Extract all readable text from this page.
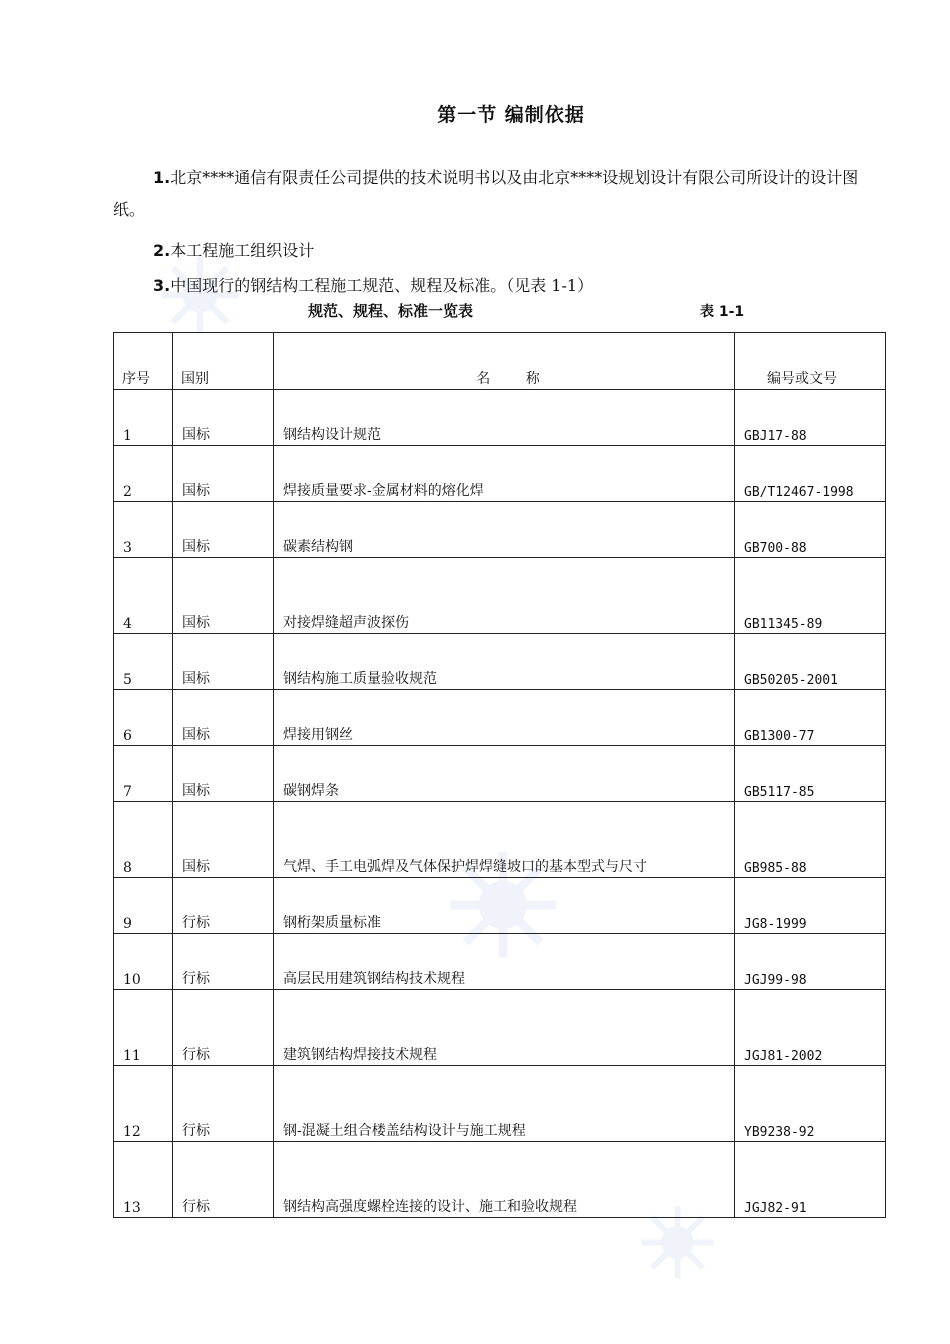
第一节 编制依据
1.北京****通信有限责任公司提供的技术说明书以及由北京****设规划设计有限公司所设计的设计图纸。
2.本工程施工组织设计
3.中国现行的钢结构工程施工规范、规程及标准。（见表 1-1）
规范、规程、标准一览表	表 1-1
序号	国别	名        称	编号或文号
1	国标	钢结构设计规范	GBJ17-88
2	国标	焊接质量要求-金属材料的熔化焊	GB/T12467-1998
3	国标	碳素结构钢	GB700-88
4	国标	对接焊缝超声波探伤	GB11345-89
5	国标	钢结构施工质量验收规范	GB50205-2001
6	国标	焊接用钢丝	GB1300-77
7	国标	碳钢焊条	GB5117-85
8	国标	气焊、手工电弧焊及气体保护焊焊缝坡口的基本型式与尺寸	GB985-88
9	行标	钢桁架质量标准	JG8-1999
10	行标	高层民用建筑钢结构技术规程	JGJ99-98
11	行标	建筑钢结构焊接技术规程	JGJ81-2002
12	行标	钢-混凝土组合楼盖结构设计与施工规程	YB9238-92
13	行标	钢结构高强度螺栓连接的设计、施工和验收规程	JGJ82-91
